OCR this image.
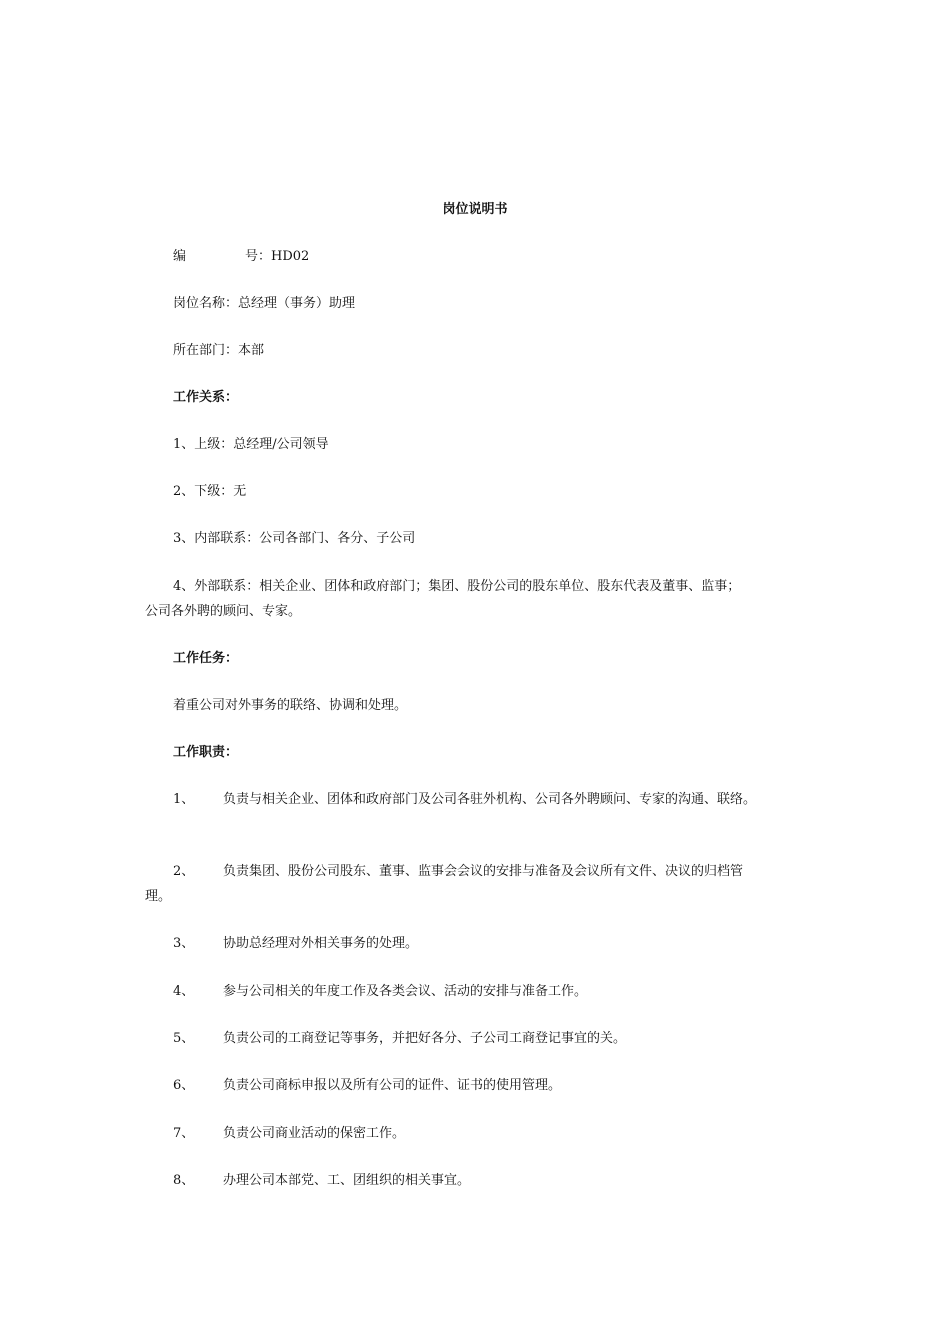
岗位说明书
编	号：HD02
岗位名称：总经理（事务）助理
所在部门：本部
工作关系：
1、上级：总经理/公司领导
2、下级：无
3、内部联系：公司各部门、各分、子公司
4、外部联系：相关企业、团体和政府部门；集团、股份公司的股东单位、股东代表及董事、监事；
公司各外聘的顾问、专家。
工作任务：
着重公司对外事务的联络、协调和处理。
工作职责：
1、 负责与相关企业、团体和政府部门及公司各驻外机构、公司各外聘顾问、专家的沟通、联络。
2、 负责集团、股份公司股东、董事、监事会会议的安排与准备及会议所有文件、决议的归档管
理。
3、 协助总经理对外相关事务的处理。
4、 参与公司相关的年度工作及各类会议、活动的安排与准备工作。
5、 负责公司的工商登记等事务，并把好各分、子公司工商登记事宜的关。
6、 负责公司商标申报以及所有公司的证件、证书的使用管理。
7、 负责公司商业活动的保密工作。
8、 办理公司本部党、工、团组织的相关事宜。
